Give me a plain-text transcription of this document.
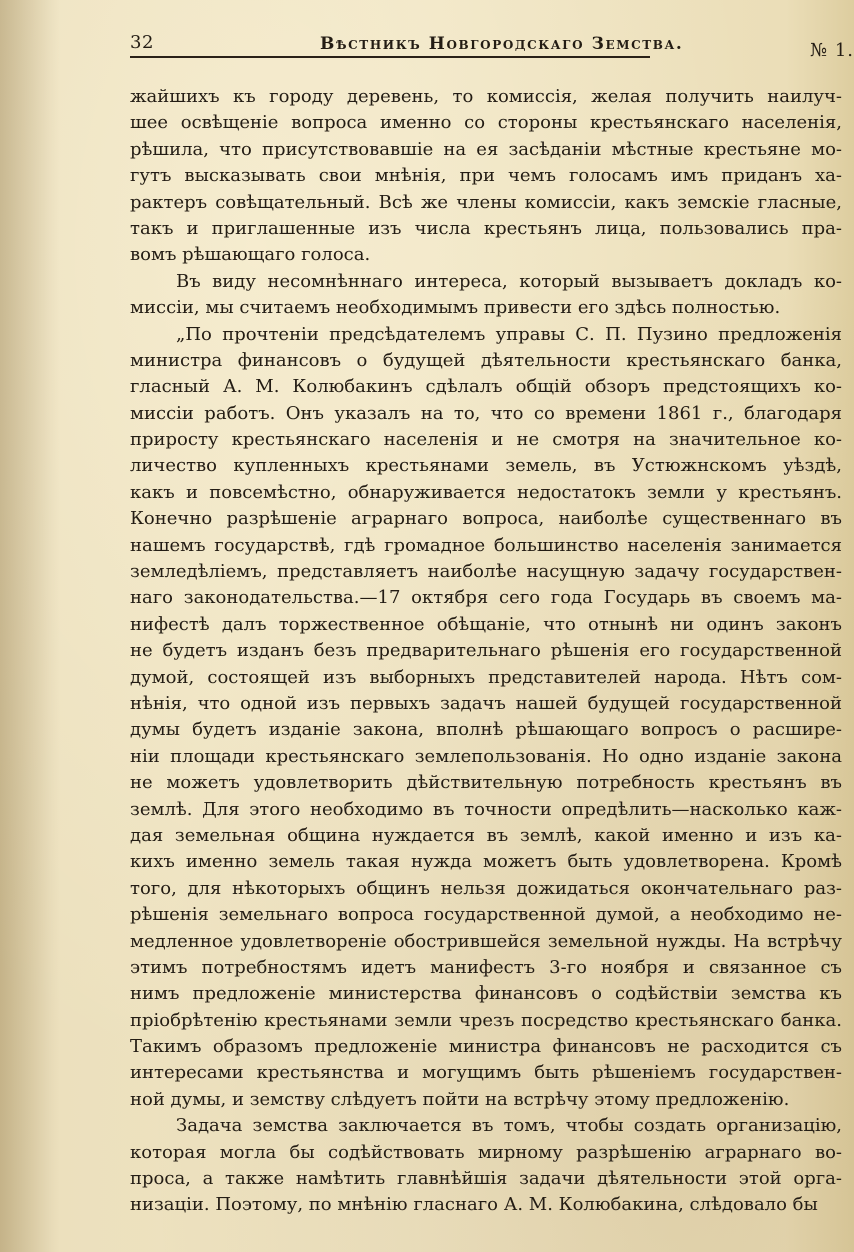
32	Вѣстникъ Новгородскаго Земства.	№ 1.
жайшихъ къ городу деревень, то комиссія, желая получить наилуч-
шее освѣщеніе вопроса именно со стороны крестьянскаго населенія,
рѣшила, что присутствовавшіе на ея засѣданіи мѣстные крестьяне мо-
гутъ высказывать свои мнѣнія, при чемъ голосамъ имъ приданъ ха-
рактеръ совѣщательный. Всѣ же члены комиссіи, какъ земскіе гласные,
такъ и приглашенные изъ числа крестьянъ лица, пользовались пра-
вомъ рѣшающаго голоса.
Въ виду несомнѣннаго интереса, который вызываетъ докладъ ко-
миссіи, мы считаемъ необходимымъ привести его здѣсь полностью.
„По прочтеніи предсѣдателемъ управы С. П. Пузино предложенія
министра финансовъ о будущей дѣятельности крестьянскаго банка,
гласный А. М. Колюбакинъ сдѣлалъ общій обзоръ предстоящихъ ко-
миссіи работъ. Онъ указалъ на то, что со времени 1861 г., благодаря
приросту крестьянскаго населенія и не смотря на значительное ко-
личество купленныхъ крестьянами земель, въ Устюжнскомъ уѣздѣ,
какъ и повсемѣстно, обнаруживается недостатокъ земли у крестьянъ.
Конечно разрѣшеніе аграрнаго вопроса, наиболѣе существеннаго въ
нашемъ государствѣ, гдѣ громадное большинство населенія занимается
земледѣліемъ, представляетъ наиболѣе насущную задачу государствен-
наго законодательства.—17 октября сего года Государь въ своемъ ма-
нифестѣ далъ торжественное обѣщаніе, что отнынѣ ни одинъ законъ
не будетъ изданъ безъ предварительнаго рѣшенія его государственной
думой, состоящей изъ выборныхъ представителей народа. Нѣтъ сом-
нѣнія, что одной изъ первыхъ задачъ нашей будущей государственной
думы будетъ изданіе закона, вполнѣ рѣшающаго вопросъ о расшире-
ніи площади крестьянскаго землепользованія. Но одно изданіе закона
не можетъ удовлетворить дѣйствительную потребность крестьянъ въ
землѣ. Для этого необходимо въ точности опредѣлить—насколько каж-
дая земельная община нуждается въ землѣ, какой именно и изъ ка-
кихъ именно земель такая нужда можетъ быть удовлетворена. Кромѣ
того, для нѣкоторыхъ общинъ нельзя дожидаться окончательнаго раз-
рѣшенія земельнаго вопроса государственной думой, а необходимо не-
медленное удовлетвореніе обострившейся земельной нужды. На встрѣчу
этимъ потребностямъ идетъ манифестъ 3-го ноября и связанное съ
нимъ предложеніе министерства финансовъ о содѣйствіи земства къ
пріобрѣтенію крестьянами земли чрезъ посредство крестьянскаго банка.
Такимъ образомъ предложеніе министра финансовъ не расходится съ
интересами крестьянства и могущимъ быть рѣшеніемъ государствен-
ной думы, и земству слѣдуетъ пойти на встрѣчу этому предложенію.
Задача земства заключается въ томъ, чтобы создать организацію,
которая могла бы содѣйствовать мирному разрѣшенію аграрнаго во-
проса, а также намѣтить главнѣйшія задачи дѣятельности этой орга-
низаціи. Поэтому, по мнѣнію гласнаго А. М. Колюбакина, слѣдовало бы
